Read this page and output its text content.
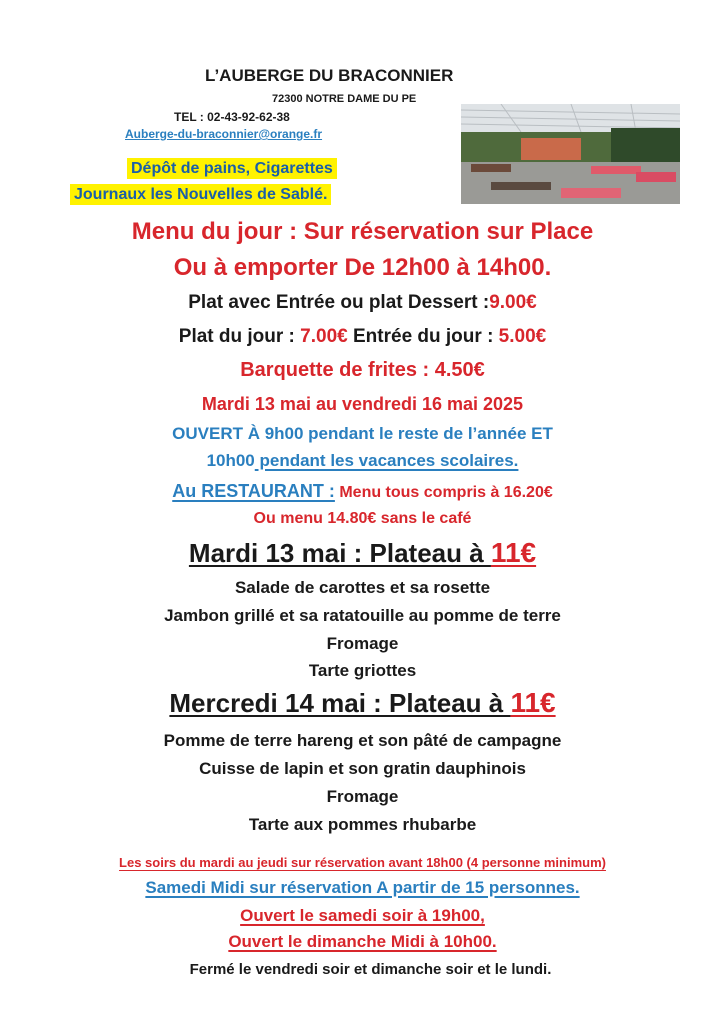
L’AUBERGE DU BRACONNIER
72300 NOTRE DAME DU PE
TEL : 02-43-92-62-38
Auberge-du-braconnier@orange.fr
Dépôt de pains, Cigarettes
Journaux les Nouvelles de Sablé.
Menu du jour : Sur réservation sur Place
Ou à emporter De 12h00 à 14h00.
Plat avec Entrée ou plat Dessert :9.00€
Plat du jour : 7.00€ Entrée du jour : 5.00€
Barquette de frites : 4.50€
Mardi 13 mai au vendredi 16 mai 2025
OUVERT À 9h00 pendant le reste de l’année ET
10h00 pendant les vacances scolaires.
Au RESTAURANT : Menu tous compris à 16.20€
Ou menu 14.80€ sans le café
Mardi 13 mai : Plateau à 11€
Salade de carottes et sa rosette
Jambon grillé et sa ratatouille au pomme de terre
Fromage
Tarte griottes
Mercredi 14 mai : Plateau à 11€
Pomme de terre hareng et son pâté de campagne
Cuisse de lapin et son gratin dauphinois
Fromage
Tarte aux pommes rhubarbe
Les soirs du mardi au jeudi sur réservation avant 18h00 (4 personne minimum)
Samedi Midi sur réservation A partir de 15 personnes.
Ouvert le samedi soir à 19h00,
Ouvert le dimanche Midi à 10h00.
Fermé le vendredi soir et dimanche soir et le lundi.
